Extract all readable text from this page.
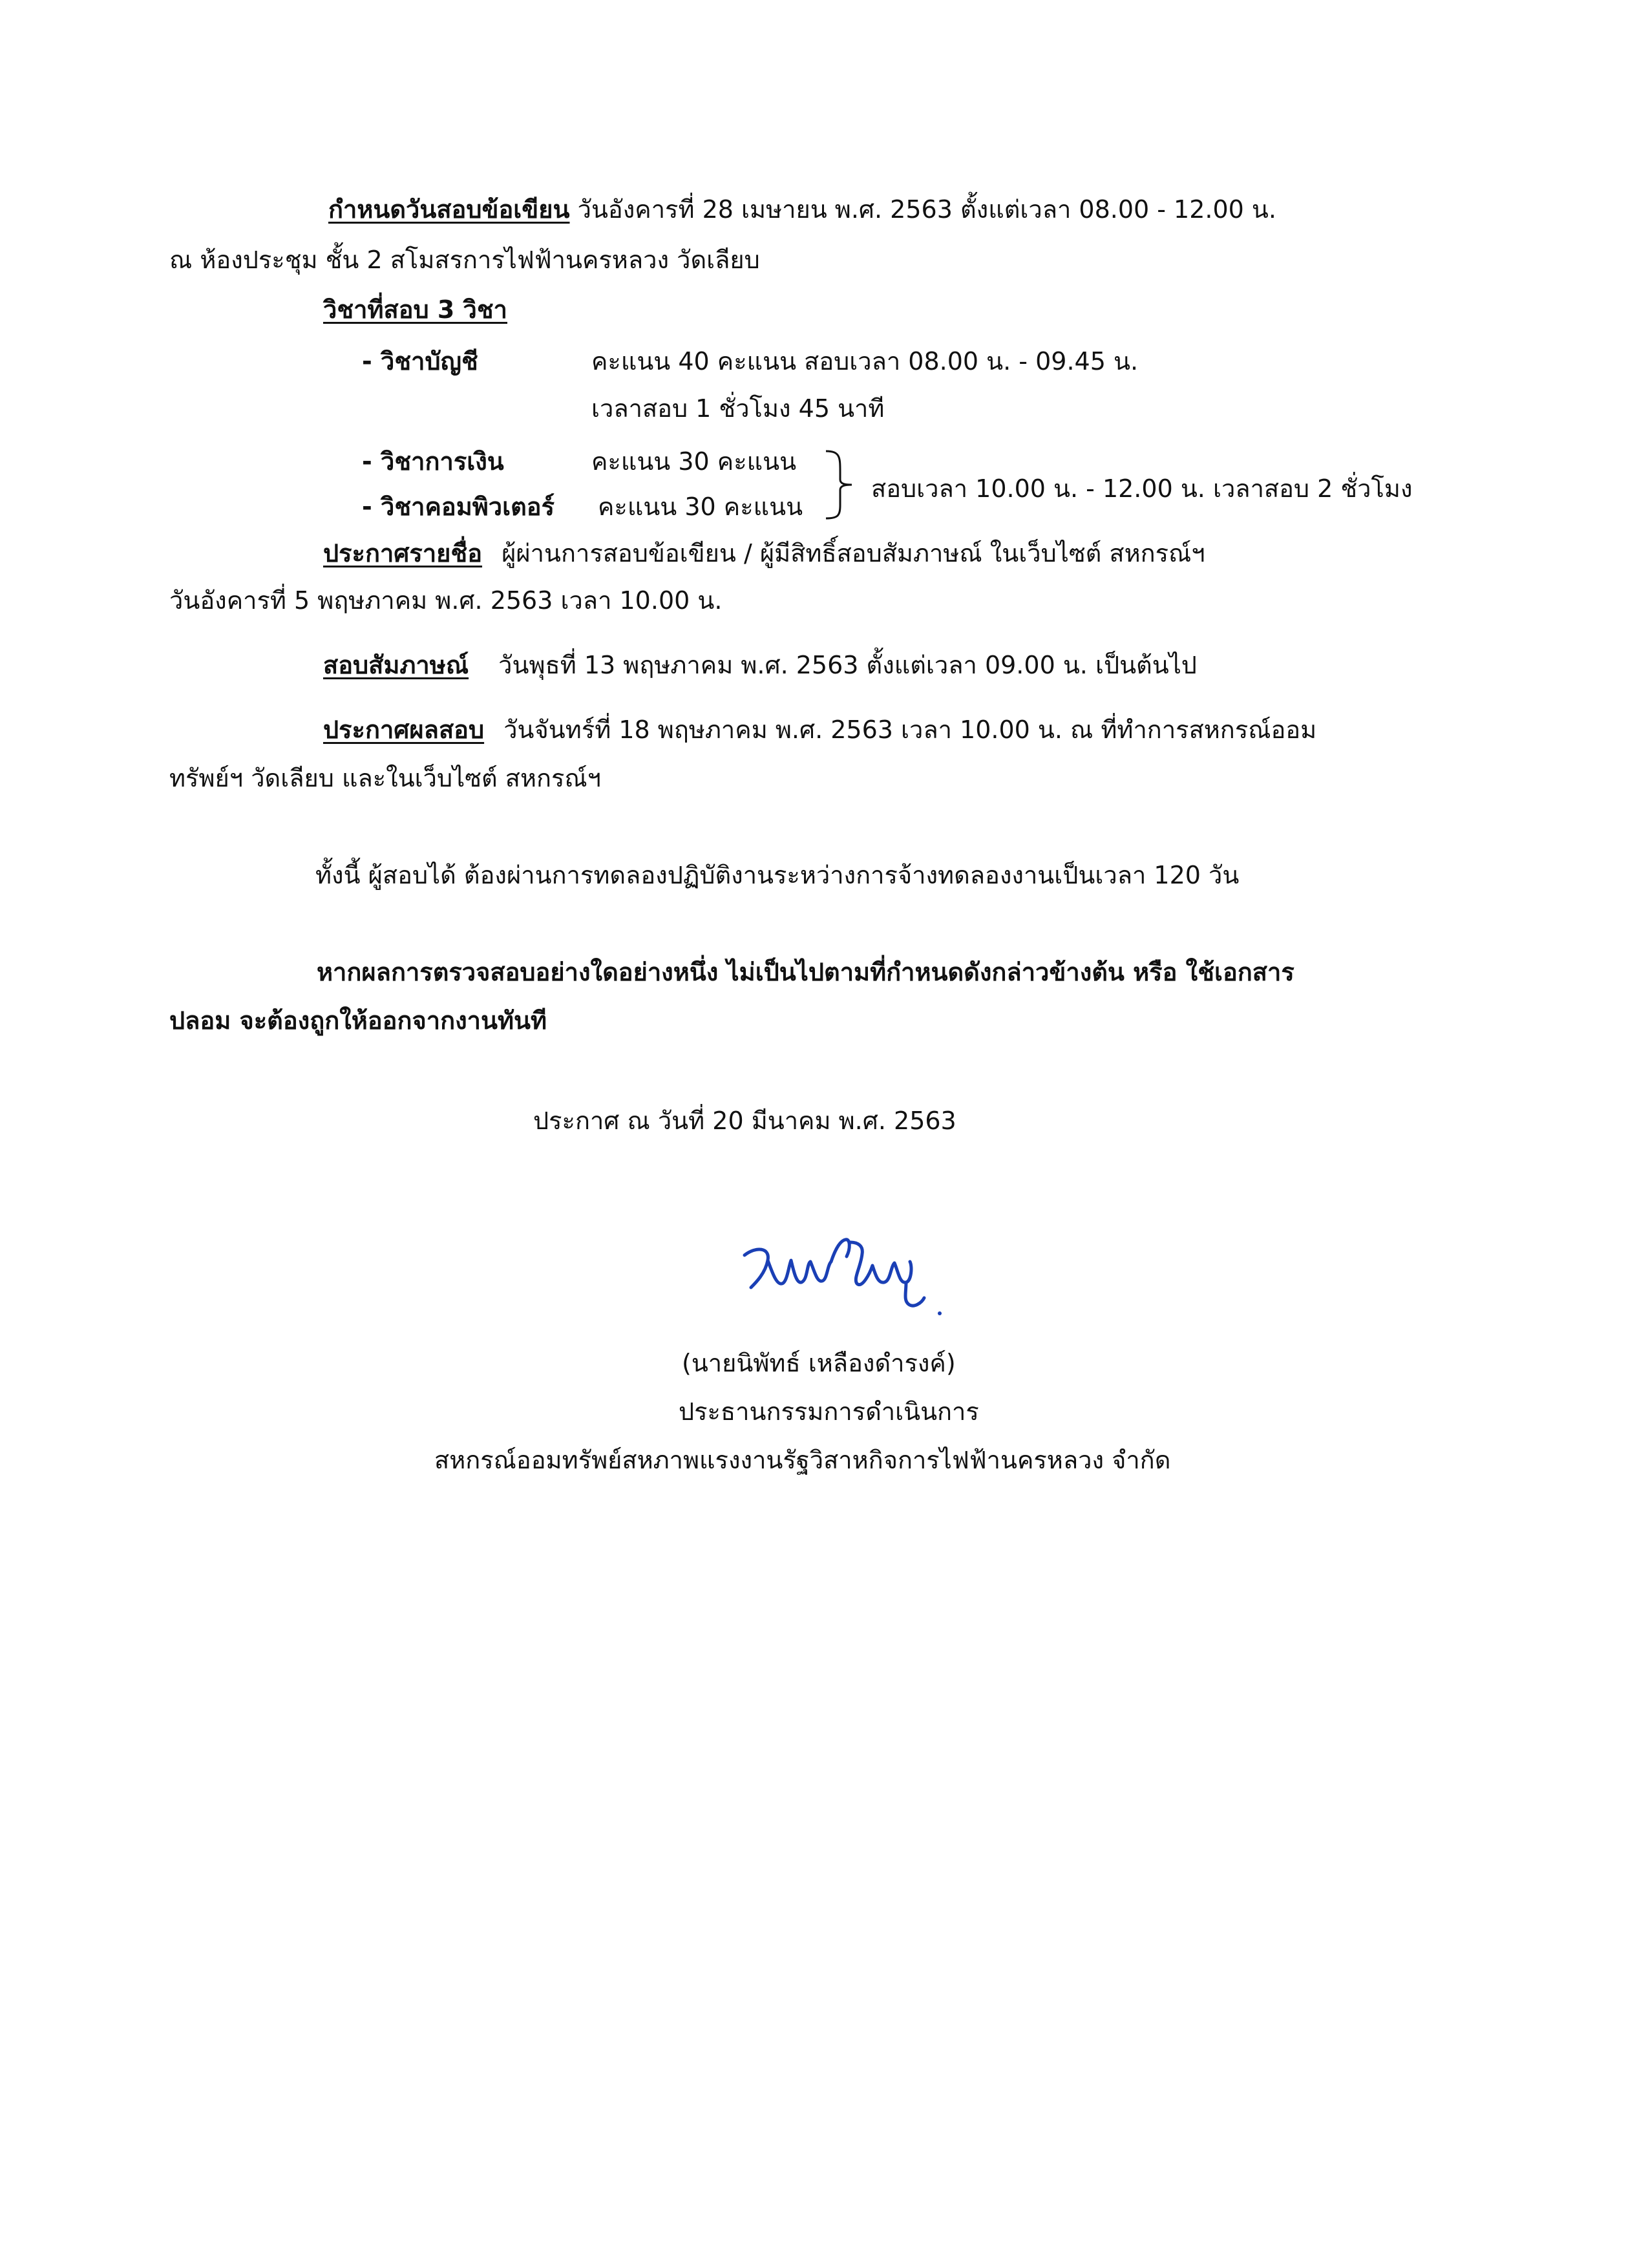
กำหนดวันสอบข้อเขียน วันอังคารที่ 28 เมษายน พ.ศ. 2563 ตั้งแต่เวลา 08.00 - 12.00 น.
ณ ห้องประชุม ชั้น 2 สโมสรการไฟฟ้านครหลวง วัดเลียบ
วิชาที่สอบ 3 วิชา
- วิชาบัญชี	คะแนน 40 คะแนน สอบเวลา 08.00 น. - 09.45 น.
เวลาสอบ 1 ชั่วโมง 45 นาที
- วิชาการเงิน	คะแนน 30 คะแนน
- วิชาคอมพิวเตอร์ คะแนน 30 คะแนน
สอบเวลา 10.00 น. - 12.00 น. เวลาสอบ 2 ชั่วโมง
ประกาศรายชื่อ ผู้ผ่านการสอบข้อเขียน / ผู้มีสิทธิ์สอบสัมภาษณ์ ในเว็บไซต์ สหกรณ์ฯ
วันอังคารที่ 5 พฤษภาคม พ.ศ. 2563 เวลา 10.00 น.
สอบสัมภาษณ์ วันพุธที่ 13 พฤษภาคม พ.ศ. 2563 ตั้งแต่เวลา 09.00 น. เป็นต้นไป
ประกาศผลสอบ วันจันทร์ที่ 18 พฤษภาคม พ.ศ. 2563 เวลา 10.00 น. ณ ที่ทำการสหกรณ์ออม
ทรัพย์ฯ วัดเลียบ และในเว็บไซต์ สหกรณ์ฯ
ทั้งนี้ ผู้สอบได้ ต้องผ่านการทดลองปฏิบัติงานระหว่างการจ้างทดลองงานเป็นเวลา 120 วัน
หากผลการตรวจสอบอย่างใดอย่างหนึ่ง ไม่เป็นไปตามที่กำหนดดังกล่าวข้างต้น หรือ ใช้เอกสาร
ปลอม จะต้องถูกให้ออกจากงานทันที
ประกาศ ณ วันที่ 20 มีนาคม พ.ศ. 2563
(นายนิพัทธ์ เหลืองดำรงค์)
ประธานกรรมการดำเนินการ
สหกรณ์ออมทรัพย์สหภาพแรงงานรัฐวิสาหกิจการไฟฟ้านครหลวง จำกัด
